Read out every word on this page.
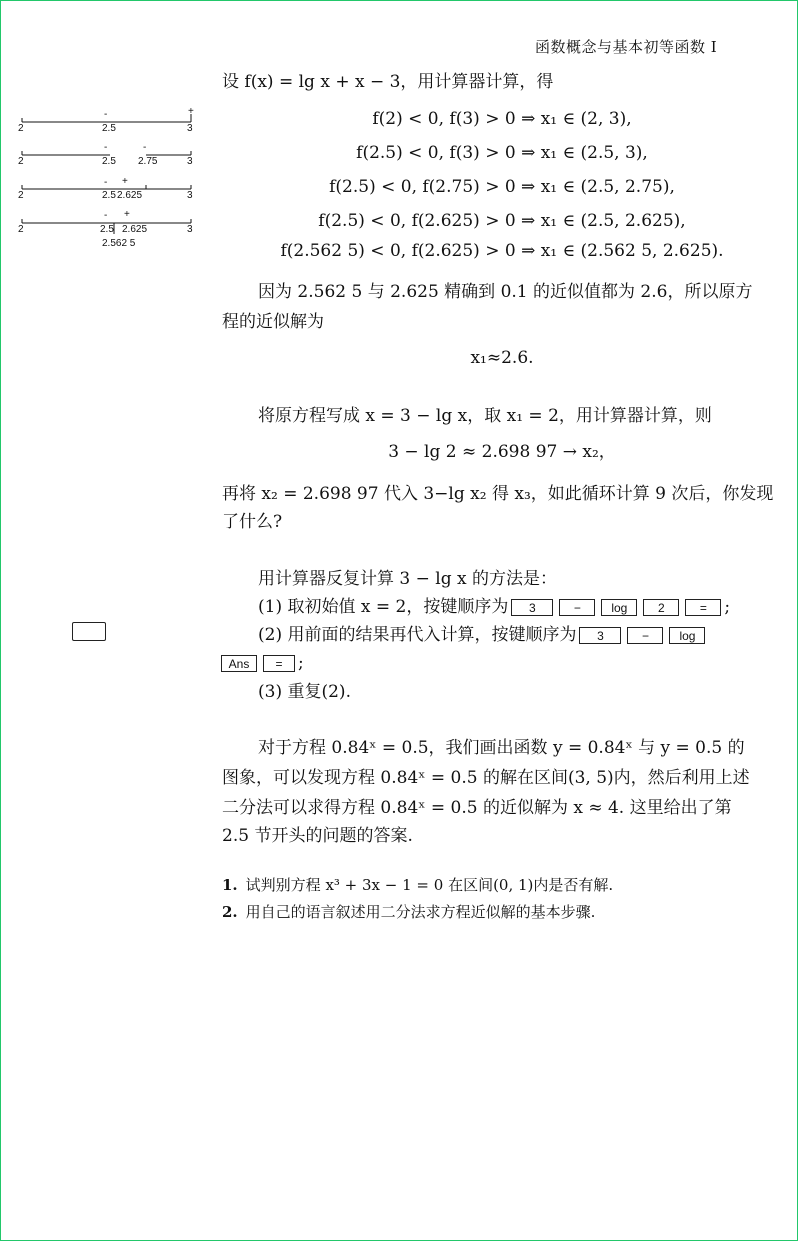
函数概念与基本初等函数 I
2	2.5	3
-	+
2	2.5 2.75	3
-	-
2	2.5 2.625	3
- +
2	2.5 2.625	3
2.562 5
- +
设 f(x) = lg x + x − 3，用计算器计算，得
f(2) < 0, f(3) > 0 ⇒ x₁ ∈ (2, 3),
f(2.5) < 0, f(3) > 0 ⇒ x₁ ∈ (2.5, 3),
f(2.5) < 0, f(2.75) > 0 ⇒ x₁ ∈ (2.5, 2.75),
f(2.5) < 0, f(2.625) > 0 ⇒ x₁ ∈ (2.5, 2.625),
f(2.562 5) < 0, f(2.625) > 0 ⇒ x₁ ∈ (2.562 5, 2.625).
因为 2.562 5 与 2.625 精确到 0.1 的近似值都为 2.6，所以原方
程的近似解为
x₁≈2.6.
将原方程写成 x = 3 − lg x，取 x₁ = 2，用计算器计算，则
3 − lg 2 ≈ 2.698 97 → x₂，
再将 x₂ = 2.698 97 代入 3−lg x₂ 得 x₃，如此循环计算 9 次后，你发现
了什么?
用计算器反复计算 3 − lg x 的方法是：
(1) 取初始值 x = 2，按键顺序为 3	−	log	2	= ;
(2) 用前面的结果再代入计算，按键顺序为 3	−	log
Ans = ;
(3) 重复(2).
对于方程 0.84ˣ = 0.5，我们画出函数 y = 0.84ˣ 与 y = 0.5 的
图象，可以发现方程 0.84ˣ = 0.5 的解在区间(3, 5)内，然后利用上述
二分法可以求得方程 0.84ˣ = 0.5 的近似解为 x ≈ 4. 这里给出了第
2.5 节开头的问题的答案.
1. 试判别方程 x³ + 3x − 1 = 0 在区间(0, 1)内是否有解.
2. 用自己的语言叙述用二分法求方程近似解的基本步骤.
